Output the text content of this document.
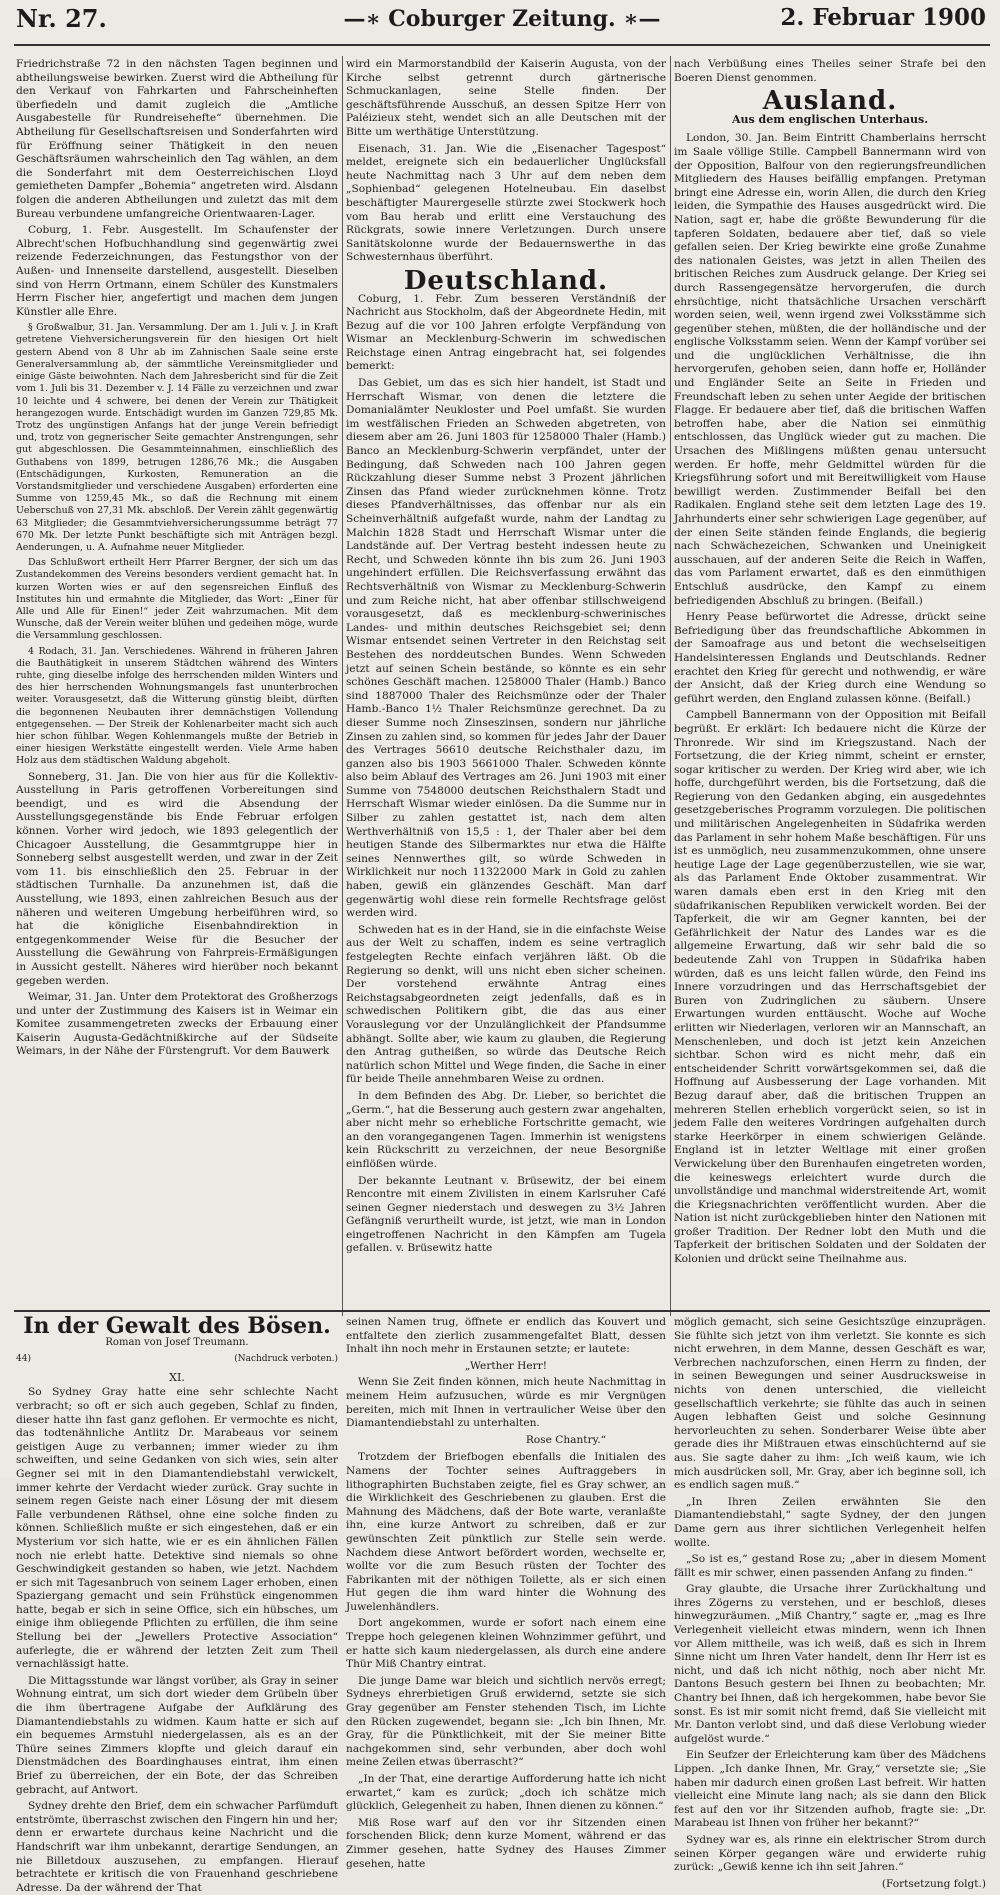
Nr. 27.	—∗ Coburger Zeitung. ∗—	2. Februar 1900

Friedrichstraße 72 in den nächsten Tagen beginnen und abtheilungsweise bewirken. Zuerst wird die Abtheilung für den Verkauf von Fahrkarten und Fahrscheinheften überfiedeln und damit zugleich die „Amtliche Ausgabestelle für Rundreisehefte“ übernehmen. Die Abtheilung für Gesellschaftsreisen und Sonderfahrten wird für Eröffnung seiner Thätigkeit in den neuen Geschäftsräumen wahrscheinlich den Tag wählen, an dem die Sonderfahrt mit dem Oesterreichischen Lloyd gemietheten Dampfer „Bohemia“ angetreten wird. Alsdann folgen die anderen Abtheilungen und zuletzt das mit dem Bureau verbundene umfangreiche Orientwaaren-Lager.

Coburg, 1. Febr. Ausgestellt. Im Schaufenster der Albrecht'schen Hofbuchhandlung sind gegenwärtig zwei reizende Federzeichnungen, das Festungsthor von der Außen- und Innenseite darstellend, ausgestellt. Dieselben sind von Herrn Ortmann, einem Schüler des Kunstmalers Herrn Fischer hier, angefertigt und machen dem jungen Künstler alle Ehre.

§ Großwalbur, 31. Jan. Versammlung. Der am 1. Juli v. J. in Kraft getretene Viehversicherungsverein für den hiesigen Ort hielt gestern Abend von 8 Uhr ab im Zahnischen Saale seine erste Generalversammlung ab, der sämmtliche Vereinsmitglieder und einige Gäste beiwohnten. Nach dem Jahresbericht sind für die Zeit vom 1. Juli bis 31. Dezember v. J. 14 Fälle zu verzeichnen und zwar 10 leichte und 4 schwere, bei denen der Verein zur Thätigkeit herangezogen wurde. Entschädigt wurden im Ganzen 729,85 Mk. Trotz des ungünstigen Anfangs hat der junge Verein befriedigt und, trotz von gegnerischer Seite gemachter Anstrengungen, sehr gut abgeschlossen. Die Gesammteinnahmen, einschließlich des Guthabens von 1899, betrugen 1286,76 Mk.; die Ausgaben (Entschädigungen, Kurkosten, Remuneration an die Vorstandsmitglieder und verschiedene Ausgaben) erforderten eine Summe von 1259,45 Mk., so daß die Rechnung mit einem Ueberschuß von 27,31 Mk. abschloß. Der Verein zählt gegenwärtig 63 Mitglieder; die Gesammtviehversicherungssumme beträgt 77 670 Mk. Der letzte Punkt beschäftigte sich mit Anträgen bezgl. Aenderungen, u. A. Aufnahme neuer Mitglieder.

Das Schlußwort ertheilt Herr Pfarrer Bergner, der sich um das Zustandekommen des Vereins besonders verdient gemacht hat. In kurzen Worten wies er auf den segensreichen Einfluß des Institutes hin und ermahnte die Mitglieder, das Wort: „Einer für Alle und Alle für Einen!“ jeder Zeit wahrzumachen. Mit dem Wunsche, daß der Verein weiter blühen und gedeihen möge, wurde die Versammlung geschlossen.

4 Rodach, 31. Jan. Verschiedenes. Während in früheren Jahren die Bauthätigkeit in unserem Städtchen während des Winters ruhte, ging dieselbe infolge des herrschenden milden Winters und des hier herrschenden Wohnungsmangels fast ununterbrochen weiter. Vorausgesetzt, daß die Witterung günstig bleibt, dürften die begonnenen Neubauten ihrer demnächstigen Vollendung entgegensehen. — Der Streik der Kohlenarbeiter macht sich auch hier schon fühlbar. Wegen Kohlenmangels mußte der Betrieb in einer hiesigen Werkstätte eingestellt werden. Viele Arme haben Holz aus dem städtischen Waldung abgeholt.

Sonneberg, 31. Jan. Die von hier aus für die Kollektiv-Ausstellung in Paris getroffenen Vorbereitungen sind beendigt, und es wird die Absendung der Ausstellungsgegenstände bis Ende Februar erfolgen können. Vorher wird jedoch, wie 1893 gelegentlich der Chicagoer Ausstellung, die Gesammtgruppe hier in Sonneberg selbst ausgestellt werden, und zwar in der Zeit vom 11. bis einschließlich den 25. Februar in der städtischen Turnhalle. Da anzunehmen ist, daß die Ausstellung, wie 1893, einen zahlreichen Besuch aus der näheren und weiteren Umgebung herbeiführen wird, so hat die königliche Eisenbahndirektion in entgegenkommender Weise für die Besucher der Ausstellung die Gewährung von Fahrpreis-Ermäßigungen in Aussicht gestellt. Näheres wird hierüber noch bekannt gegeben werden.

Weimar, 31. Jan. Unter dem Protektorat des Großherzogs und unter der Zustimmung des Kaisers ist in Weimar ein Komitee zusammengetreten zwecks der Erbauung einer Kaiserin Augusta-Gedächtnißkirche auf der Südseite Weimars, in der Nähe der Fürstengruft. Vor dem Bauwerk

wird ein Marmorstandbild der Kaiserin Augusta, von der Kirche selbst getrennt durch gärtnerische Schmuckanlagen, seine Stelle finden. Der geschäftsführende Ausschuß, an dessen Spitze Herr von Paléizieux steht, wendet sich an alle Deutschen mit der Bitte um werthätige Unterstützung.

Eisenach, 31. Jan. Wie die „Eisenacher Tagespost“ meldet, ereignete sich ein bedauerlicher Unglücksfall heute Nachmittag nach 3 Uhr auf dem neben dem „Sophienbad“ gelegenen Hotelneubau. Ein daselbst beschäftigter Maurergeselle stürzte zwei Stockwerk hoch vom Bau herab und erlitt eine Verstauchung des Rückgrats, sowie innere Verletzungen. Durch unsere Sanitätskolonne wurde der Bedauernswerthe in das Schwesternhaus überführt.

Deutschland.

Coburg, 1. Febr. Zum besseren Verständniß der Nachricht aus Stockholm, daß der Abgeordnete Hedin, mit Bezug auf die vor 100 Jahren erfolgte Verpfändung von Wismar an Mecklenburg-Schwerin im schwedischen Reichstage einen Antrag eingebracht hat, sei folgendes bemerkt:

Das Gebiet, um das es sich hier handelt, ist Stadt und Herrschaft Wismar, von denen die letztere die Domanialämter Neukloster und Poel umfaßt. Sie wurden im westfälischen Frieden an Schweden abgetreten, von diesem aber am 26. Juni 1803 für 1258000 Thaler (Hamb.) Banco an Mecklenburg-Schwerin verpfändet, unter der Bedingung, daß Schweden nach 100 Jahren gegen Rückzahlung dieser Summe nebst 3 Prozent jährlichen Zinsen das Pfand wieder zurücknehmen könne. Trotz dieses Pfandverhältnisses, das offenbar nur als ein Scheinverhältniß aufgefaßt wurde, nahm der Landtag zu Malchin 1828 Stadt und Herrschaft Wismar unter die Landstände auf. Der Vertrag besteht indessen heute zu Recht, und Schweden könnte ihn bis zum 26. Juni 1903 ungehindert erfüllen. Die Reichsverfassung erwähnt das Rechtsverhältniß von Wismar zu Mecklenburg-Schwerin und zum Reiche nicht, hat aber offenbar stillschweigend vorausgesetzt, daß es mecklenburg-schwerinisches Landes- und mithin deutsches Reichsgebiet sei; denn Wismar entsendet seinen Vertreter in den Reichstag seit Bestehen des norddeutschen Bundes. Wenn Schweden jetzt auf seinen Schein bestände, so könnte es ein sehr schönes Geschäft machen. 1258000 Thaler (Hamb.) Banco sind 1887000 Thaler des Reichsmünze oder der Thaler Hamb.-Banco 1½ Thaler Reichsmünze gerechnet. Da zu dieser Summe noch Zinseszinsen, sondern nur jährliche Zinsen zu zahlen sind, so kommen für jedes Jahr der Dauer des Vertrages 56610 deutsche Reichsthaler dazu, im ganzen also bis 1903 5661000 Thaler. Schweden könnte also beim Ablauf des Vertrages am 26. Juni 1903 mit einer Summe von 7548000 deutschen Reichsthalern Stadt und Herrschaft Wismar wieder einlösen. Da die Summe nur in Silber zu zahlen gestattet ist, nach dem alten Werthverhältniß von 15,5 : 1, der Thaler aber bei dem heutigen Stande des Silbermarktes nur etwa die Hälfte seines Nennwerthes gilt, so würde Schweden in Wirklichkeit nur noch 11322000 Mark in Gold zu zahlen haben, gewiß ein glänzendes Geschäft. Man darf gegenwärtig wohl diese rein formelle Rechtsfrage gelöst werden wird.

Schweden hat es in der Hand, sie in die einfachste Weise aus der Welt zu schaffen, indem es seine vertraglich festgelegten Rechte einfach verjähren läßt. Ob die Regierung so denkt, will uns nicht eben sicher scheinen. Der vorstehend erwähnte Antrag eines Reichstagsabgeordneten zeigt jedenfalls, daß es in schwedischen Politikern gibt, die das aus einer Vorauslegung vor der Unzulänglichkeit der Pfandsumme abhängt. Sollte aber, wie kaum zu glauben, die Regierung den Antrag gutheißen, so würde das Deutsche Reich natürlich schon Mittel und Wege finden, die Sache in einer für beide Theile annehmbaren Weise zu ordnen.

In dem Befinden des Abg. Dr. Lieber, so berichtet die „Germ.“, hat die Besserung auch gestern zwar angehalten, aber nicht mehr so erhebliche Fortschritte gemacht, wie an den vorangegangenen Tagen. Immerhin ist wenigstens kein Rückschritt zu verzeichnen, der neue Besorgniße einflößen würde.

Der bekannte Leutnant v. Brüsewitz, der bei einem Rencontre mit einem Zivilisten in einem Karlsruher Café seinen Gegner niederstach und deswegen zu 3½ Jahren Gefängniß verurtheilt wurde, ist jetzt, wie man in London eingetroffenen Nachricht in den Kämpfen am Tugela gefallen. v. Brüsewitz hatte

nach Verbüßung eines Theiles seiner Strafe bei den Boeren Dienst genommen.

Ausland.
Aus dem englischen Unterhaus.

London, 30. Jan. Beim Eintritt Chamberlains herrscht im Saale völlige Stille. Campbell Bannermann wird von der Opposition, Balfour von den regierungsfreundlichen Mitgliedern des Hauses beifällig empfangen. Pretyman bringt eine Adresse ein, worin Allen, die durch den Krieg leiden, die Sympathie des Hauses ausgedrückt wird. Die Nation, sagt er, habe die größte Bewunderung für die tapferen Soldaten, bedauere aber tief, daß so viele gefallen seien. Der Krieg bewirkte eine große Zunahme des nationalen Geistes, was jetzt in allen Theilen des britischen Reiches zum Ausdruck gelange. Der Krieg sei durch Rassengegensätze hervorgerufen, die durch ehrsüchtige, nicht thatsächliche Ursachen verschärft worden seien, weil, wenn irgend zwei Volksstämme sich gegenüber stehen, müßten, die der holländische und der englische Volksstamm seien. Wenn der Kampf vorüber sei und die unglücklichen Verhältnisse, die ihn hervorgerufen, gehoben seien, dann hoffe er, Holländer und Engländer Seite an Seite in Frieden und Freundschaft leben zu sehen unter Aegide der britischen Flagge. Er bedauere aber tief, daß die britischen Waffen betroffen habe, aber die Nation sei einmüthig entschlossen, das Unglück wieder gut zu machen. Die Ursachen des Mißlingens müßten genau untersucht werden. Er hoffe, mehr Geldmittel würden für die Kriegsführung sofort und mit Bereitwilligkeit vom Hause bewilligt werden. Zustimmender Beifall bei den Radikalen. England stehe seit dem letzten Lage des 19. Jahrhunderts einer sehr schwierigen Lage gegenüber, auf der einen Seite ständen feinde Englands, die begierig nach Schwächezeichen, Schwanken und Uneinigkeit ausschauen, auf der anderen Seite die Reich in Waffen, das vom Parlament erwartet, daß es den einmüthigen Entschluß ausdrücke, den Kampf zu einem befriedigenden Abschluß zu bringen. (Beifall.)

Henry Pease befürwortet die Adresse, drückt seine Befriedigung über das freundschaftliche Abkommen in der Samoafrage aus und betont die wechselseitigen Handelsinteressen Englands und Deutschlands. Redner erachtet den Krieg für gerecht und nothwendig, er wäre der Ansicht, daß der Krieg durch eine Wendung so geführt werden, den England zulassen könne. (Beifall.)

Campbell Bannermann von der Opposition mit Beifall begrüßt. Er erklärt: Ich bedauere nicht die Kürze der Thronrede. Wir sind im Kriegszustand. Nach der Fortsetzung, die der Krieg nimmt, scheint er ernster, sogar kritischer zu werden. Der Krieg wird aber, wie ich hoffe, durchgeführt werden, bis die Fortsetzung, daß die Regierung von den Gedanken abging, ein ausgedehntes gesetzgeberisches Programm vorzulegen. Die politischen und militärischen Angelegenheiten in Südafrika werden das Parlament in sehr hohem Maße beschäftigen. Für uns ist es unmöglich, neu zusammenzukommen, ohne unsere heutige Lage der Lage gegenüberzustellen, wie sie war, als das Parlament Ende Oktober zusammentrat. Wir waren damals eben erst in den Krieg mit den südafrikanischen Republiken verwickelt worden. Bei der Tapferkeit, die wir am Gegner kannten, bei der Gefährlichkeit der Natur des Landes war es die allgemeine Erwartung, daß wir sehr bald die so bedeutende Zahl von Truppen in Südafrika haben würden, daß es uns leicht fallen würde, den Feind ins Innere vorzudringen und das Herrschaftsgebiet der Buren von Zudringlichen zu säubern. Unsere Erwartungen wurden enttäuscht. Woche auf Woche erlitten wir Niederlagen, verloren wir an Mannschaft, an Menschenleben, und doch ist jetzt kein Anzeichen sichtbar. Schon wird es nicht mehr, daß ein entscheidender Schritt vorwärtsgekommen sei, daß die Hoffnung auf Ausbesserung der Lage vorhanden. Mit Bezug darauf aber, daß die britischen Truppen an mehreren Stellen erheblich vorgerückt seien, so ist in jedem Falle den weiteres Vordringen aufgehalten durch starke Heerkörper in einem schwierigen Gelände. England ist in letzter Weltlage mit einer großen Verwickelung über den Burenhaufen eingetreten worden, die keineswegs erleichtert wurde durch die unvollständige und manchmal widerstreitende Art, womit die Kriegsnachrichten veröffentlicht wurden. Aber die Nation ist nicht zurückgeblieben hinter den Nationen mit großer Tradition. Der Redner lobt den Muth und die Tapferkeit der britischen Soldaten und der Soldaten der Kolonien und drückt seine Theilnahme aus.

In der Gewalt des Bösen.
Roman von Josef Treumann.
44)	(Nachdruck verboten.)
XI.

So Sydney Gray hatte eine sehr schlechte Nacht verbracht; so oft er sich auch gegeben, Schlaf zu finden, dieser hatte ihn fast ganz geflohen. Er vermochte es nicht, das todtenähnliche Antlitz Dr. Marabeaus vor seinem geistigen Auge zu verbannen; immer wieder zu ihm schweiften, und seine Gedanken von sich wies, sein alter Gegner sei mit in den Diamantendiebstahl verwickelt, immer kehrte der Verdacht wieder zurück. Gray suchte in seinem regen Geiste nach einer Lösung der mit diesem Falle verbundenen Räthsel, ohne eine solche finden zu können. Schließlich mußte er sich eingestehen, daß er ein Mysterium vor sich hatte, wie er es ein ähnlichen Fällen noch nie erlebt hatte. Detektive sind niemals so ohne Geschwindigkeit gestanden so haben, wie jetzt. Nachdem er sich mit Tagesanbruch von seinem Lager erhoben, einen Spaziergang gemacht und sein Frühstück eingenommen hatte, begab er sich in seine Office, sich ein hübsches, um einige ihm obliegende Pflichten zu erfüllen, die ihm seine Stellung bei der „Jewellers Protective Association“ auferlegte, die er während der letzten Zeit zum Theil vernachlässigt hatte.

Die Mittagsstunde war längst vorüber, als Gray in seiner Wohnung eintrat, um sich dort wieder dem Grübeln über die ihm übertragene Aufgabe der Aufklärung des Diamantendiebstahls zu widmen. Kaum hatte er sich auf ein bequemes Armstuhl niedergelassen, als es an der Thüre seines Zimmers klopfte und gleich darauf ein Dienstmädchen des Boardinghauses eintrat, ihm einen Brief zu überreichen, der ein Bote, der das Schreiben gebracht, auf Antwort.

Sydney drehte den Brief, dem ein schwacher Parfümduft entströmte, überraschst zwischen den Fingern hin und her; denn er erwartete durchaus keine Nachricht und die Handschrift war ihm unbekannt, derartige Sendungen, an nie Billetdoux auszusehen, zu empfangen. Hierauf betrachtete er kritisch die von Frauenhand geschriebene Adresse. Da der während der That

seinen Namen trug, öffnete er endlich das Kouvert und entfaltete den zierlich zusammengefaltet Blatt, dessen Inhalt ihn noch mehr in Erstaunen setzte; er lautete:

„Werther Herr!

Wenn Sie Zeit finden können, mich heute Nachmittag in meinem Heim aufzusuchen, würde es mir Vergnügen bereiten, mich mit Ihnen in vertraulicher Weise über den Diamantendiebstahl zu unterhalten.

Rose Chantry.“

Trotzdem der Briefbogen ebenfalls die Initialen des Namens der Tochter seines Auftraggebers in lithographirten Buchstaben zeigte, fiel es Gray schwer, an die Wirklichkeit des Geschriebenen zu glauben. Erst die Mahnung des Mädchens, daß der Bote warte, veranlaßte ihn, eine kurze Antwort zu schreiben, daß er zur gewünschten Zeit pünktlich zur Stelle sein werde. Nachdem diese Antwort befördert worden, wechselte er, wollte vor die zum Besuch rüsten der Tochter des Fabrikanten mit der nöthigen Toilette, als er sich einen Hut gegen die ihm ward hinter die Wohnung des Juwelenhändlers.

Dort angekommen, wurde er sofort nach einem eine Treppe hoch gelegenen kleinen Wohnzimmer geführt, und er hatte sich kaum niedergelassen, als durch eine andere Thür Miß Chantry eintrat.

Die junge Dame war bleich und sichtlich nervös erregt; Sydneys ehrerbietigen Gruß erwidernd, setzte sie sich Gray gegenüber am Fenster stehenden Tisch, im Lichte den Rücken zugewendet, begann sie: „Ich bin Ihnen, Mr. Gray, für die Pünktlichkeit, mit der Sie meiner Bitte nachgekommen sind, sehr verbunden, aber doch wohl meine Zeilen etwas überrascht?“

„In der That, eine derartige Aufforderung hatte ich nicht erwartet,“ kam es zurück; „doch ich schätze mich glücklich, Gelegenheit zu haben, Ihnen dienen zu können.“

Miß Rose warf auf den vor ihr Sitzenden einen forschenden Blick; denn kurze Moment, während er das Zimmer gesehen, hatte Sydney des Hauses Zimmer gesehen, hatte

möglich gemacht, sich seine Gesichtszüge einzuprägen. Sie fühlte sich jetzt von ihm verletzt. Sie konnte es sich nicht erwehren, in dem Manne, dessen Geschäft es war, Verbrechen nachzuforschen, einen Herrn zu finden, der in seinen Bewegungen und seiner Ausdrucksweise in nichts von denen unterschied, die vielleicht gesellschaftlich verkehrte; sie fühlte das auch in seinen Augen lebhaften Geist und solche Gesinnung hervorleuchten zu sehen. Sonderbarer Weise übte aber gerade dies ihr Mißtrauen etwas einschüchternd auf sie aus. Sie sagte daher zu ihm: „Ich weiß kaum, wie ich mich ausdrücken soll, Mr. Gray, aber ich beginne soll, ich es endlich sagen muß.“

„In Ihren Zeilen erwähnten Sie den Diamantendiebstahl,“ sagte Sydney, der den jungen Dame gern aus ihrer sichtlichen Verlegenheit helfen wollte.

„So ist es,“ gestand Rose zu; „aber in diesem Moment fällt es mir schwer, einen passenden Anfang zu finden.“

Gray glaubte, die Ursache ihrer Zurückhaltung und ihres Zögerns zu verstehen, und er beschloß, dieses hinwegzuräumen. „Miß Chantry,“ sagte er, „mag es Ihre Verlegenheit vielleicht etwas mindern, wenn ich Ihnen vor Allem mittheile, was ich weiß, daß es sich in Ihrem Sinne nicht um Ihren Vater handelt, denn Ihr Herr ist es nicht, und daß ich nicht nöthig, noch aber nicht Mr. Dantons Besuch gestern bei Ihnen zu beobachten; Mr. Chantry bei Ihnen, daß ich hergekommen, habe bevor Sie sonst. Es ist mir somit nicht fremd, daß Sie vielleicht mit Mr. Danton verlobt sind, und daß diese Verlobung wieder aufgelöst wurde.“

Ein Seufzer der Erleichterung kam über des Mädchens Lippen. „Ich danke Ihnen, Mr. Gray,“ versetzte sie; „Sie haben mir dadurch einen großen Last befreit. Wir hatten vielleicht eine Minute lang nach; als sie dann den Blick fest auf den vor ihr Sitzenden aufhob, fragte sie: „Dr. Marabeau ist Ihnen von früher her bekannt?“

Sydney war es, als rinne ein elektrischer Strom durch seinen Körper gegangen wäre und erwiderte ruhig zurück: „Gewiß kenne ich ihn seit Jahren.“

(Fortsetzung folgt.)
